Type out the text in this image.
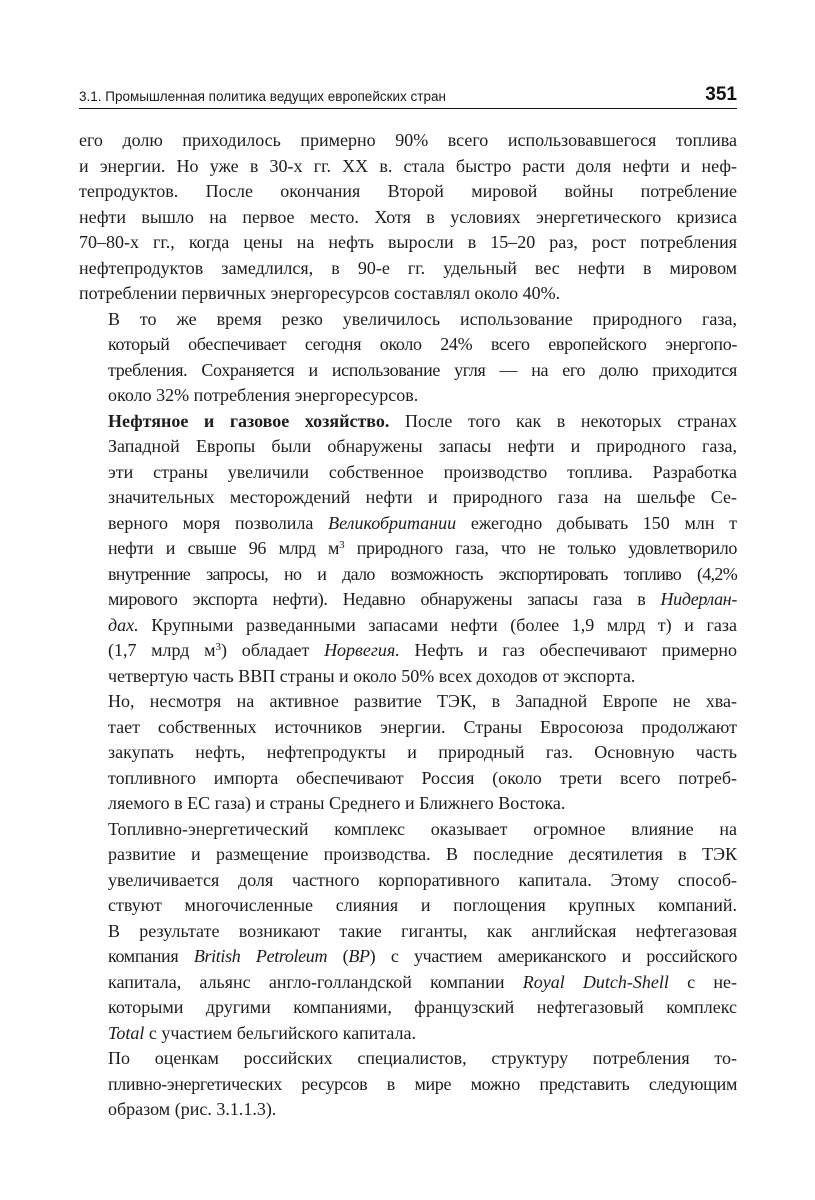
3.1. Промышленная политика ведущих европейских стран	351

его долю приходилось примерно 90% всего использовавшегося топлива
и энергии. Но уже в 30-х гг. XX в. стала быстро расти доля нефти и неф-
тепродуктов. После окончания Второй мировой войны потребление
нефти вышло на первое место. Хотя в условиях энергетического кризиса
70–80-х гг., когда цены на нефть выросли в 15–20 раз, рост потребления
нефтепродуктов замедлился, в 90-е гг. удельный вес нефти в мировом
потреблении первичных энергоресурсов составлял около 40%.

В то же время резко увеличилось использование природного газа,
который обеспечивает сегодня около 24% всего европейского энергопо-
требления. Сохраняется и использование угля — на его долю приходится
около 32% потребления энергоресурсов.

Нефтяное и газовое хозяйство. После того как в некоторых странах
Западной Европы были обнаружены запасы нефти и природного газа,
эти страны увеличили собственное производство топлива. Разработка
значительных месторождений нефти и природного газа на шельфе Се-
верного моря позволила Великобритании ежегодно добывать 150 млн т
нефти и свыше 96 млрд $м^3$ природного газа, что не только удовлетворило
внутренние запросы, но и дало возможность экспортировать топливо (4,2%
мирового экспорта нефти). Недавно обнаружены запасы газа в Нидерлан-
дах. Крупными разведанными запасами нефти (более 1,9 млрд т) и газа
(1,7 млрд $м^3$) обладает Норвегия. Нефть и газ обеспечивают примерно
четвертую часть ВВП страны и около 50% всех доходов от экспорта.

Но, несмотря на активное развитие ТЭК, в Западной Европе не хва-
тает собственных источников энергии. Страны Евросоюза продолжают
закупать нефть, нефтепродукты и природный газ. Основную часть
топливного импорта обеспечивают Россия (около трети всего потреб-
ляемого в ЕС газа) и страны Среднего и Ближнего Востока.

Топливно-энергетический комплекс оказывает огромное влияние на
развитие и размещение производства. В последние десятилетия в ТЭК
увеличивается доля частного корпоративного капитала. Этому способ-
ствуют многочисленные слияния и поглощения крупных компаний.
В результате возникают такие гиганты, как английская нефтегазовая
компания British Petroleum (BP) с участием американского и российского
капитала, альянс англо-голландской компании Royal Dutch-Shell с не-
которыми другими компаниями, французский нефтегазовый комплекс
Total с участием бельгийского капитала.

По оценкам российских специалистов, структуру потребления то-
пливно-энергетических ресурсов в мире можно представить следующим
образом (рис. 3.1.1.3).
